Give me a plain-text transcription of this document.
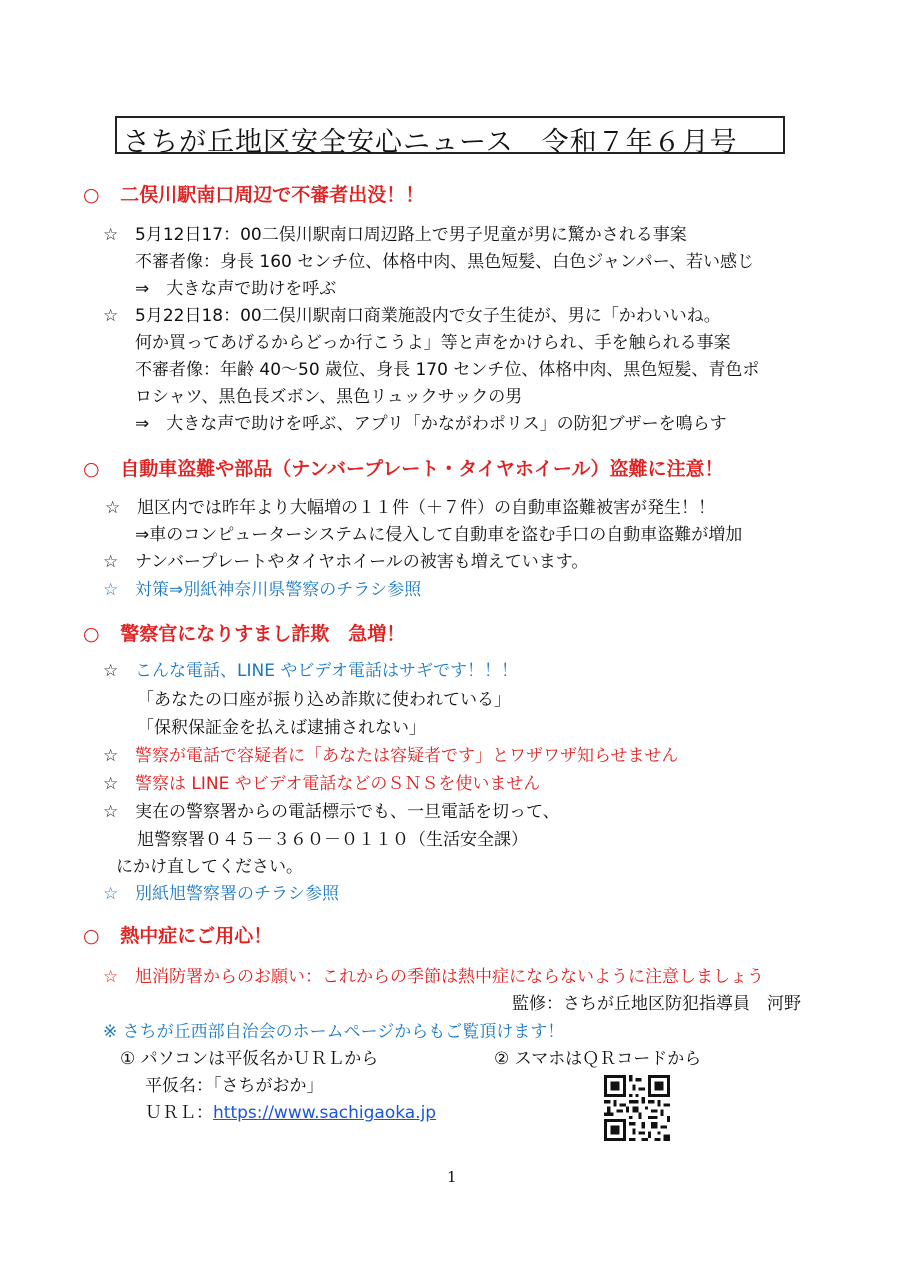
さちが丘地区安全安心ニュース　令和７年６月号
○ 二俣川駅南口周辺で不審者出没！！
☆ 5月12日17：00二俣川駅南口周辺路上で男子児童が男に驚かされる事案
不審者像：身長 160 センチ位、体格中肉、黒色短髪、白色ジャンパー、若い感じ
⇒　大きな声で助けを呼ぶ
☆ 5月22日18：00二俣川駅南口商業施設内で女子生徒が、男に「かわいいね。
何か買ってあげるからどっか行こうよ」等と声をかけられ、手を触られる事案
不審者像：年齢 40～50 歳位、身長 170 センチ位、体格中肉、黒色短髪、青色ポ
ロシャツ、黒色長ズボン、黒色リュックサックの男
⇒　大きな声で助けを呼ぶ、アプリ「かながわポリス」の防犯ブザーを鳴らす
○ 自動車盗難や部品（ナンバープレート・タイヤホイール）盗難に注意！
☆ 旭区内では昨年より大幅増の１１件（＋７件）の自動車盗難被害が発生！！
⇒車のコンピューターシステムに侵入して自動車を盗む手口の自動車盗難が増加
☆ ナンバープレートやタイヤホイールの被害も増えています。
☆ 対策⇒別紙神奈川県警察のチラシ参照
○ 警察官になりすまし詐欺　急増！
☆ こんな電話、LINE やビデオ電話はサギです！！！
「あなたの口座が振り込め詐欺に使われている」
「保釈保証金を払えば逮捕されない」
☆ 警察が電話で容疑者に「あなたは容疑者です」とワザワザ知らせません
☆ 警察は LINE やビデオ電話などのＳＮＳを使いません
☆ 実在の警察署からの電話標示でも、一旦電話を切って、
旭警察署０４５－３６０－０１１０（生活安全課）
にかけ直してください。
☆ 別紙旭警察署のチラシ参照
○ 熱中症にご用心！
☆ 旭消防署からのお願い：これからの季節は熱中症にならないように注意しましょう
監修：さちが丘地区防犯指導員　河野
※ さちが丘西部自治会のホームページからもご覧頂けます！
① パソコンは平仮名かＵＲＬから	② スマホはＱＲコードから
平仮名：「さちがおか」
ＵＲＬ：https://www.sachigaoka.jp
1
